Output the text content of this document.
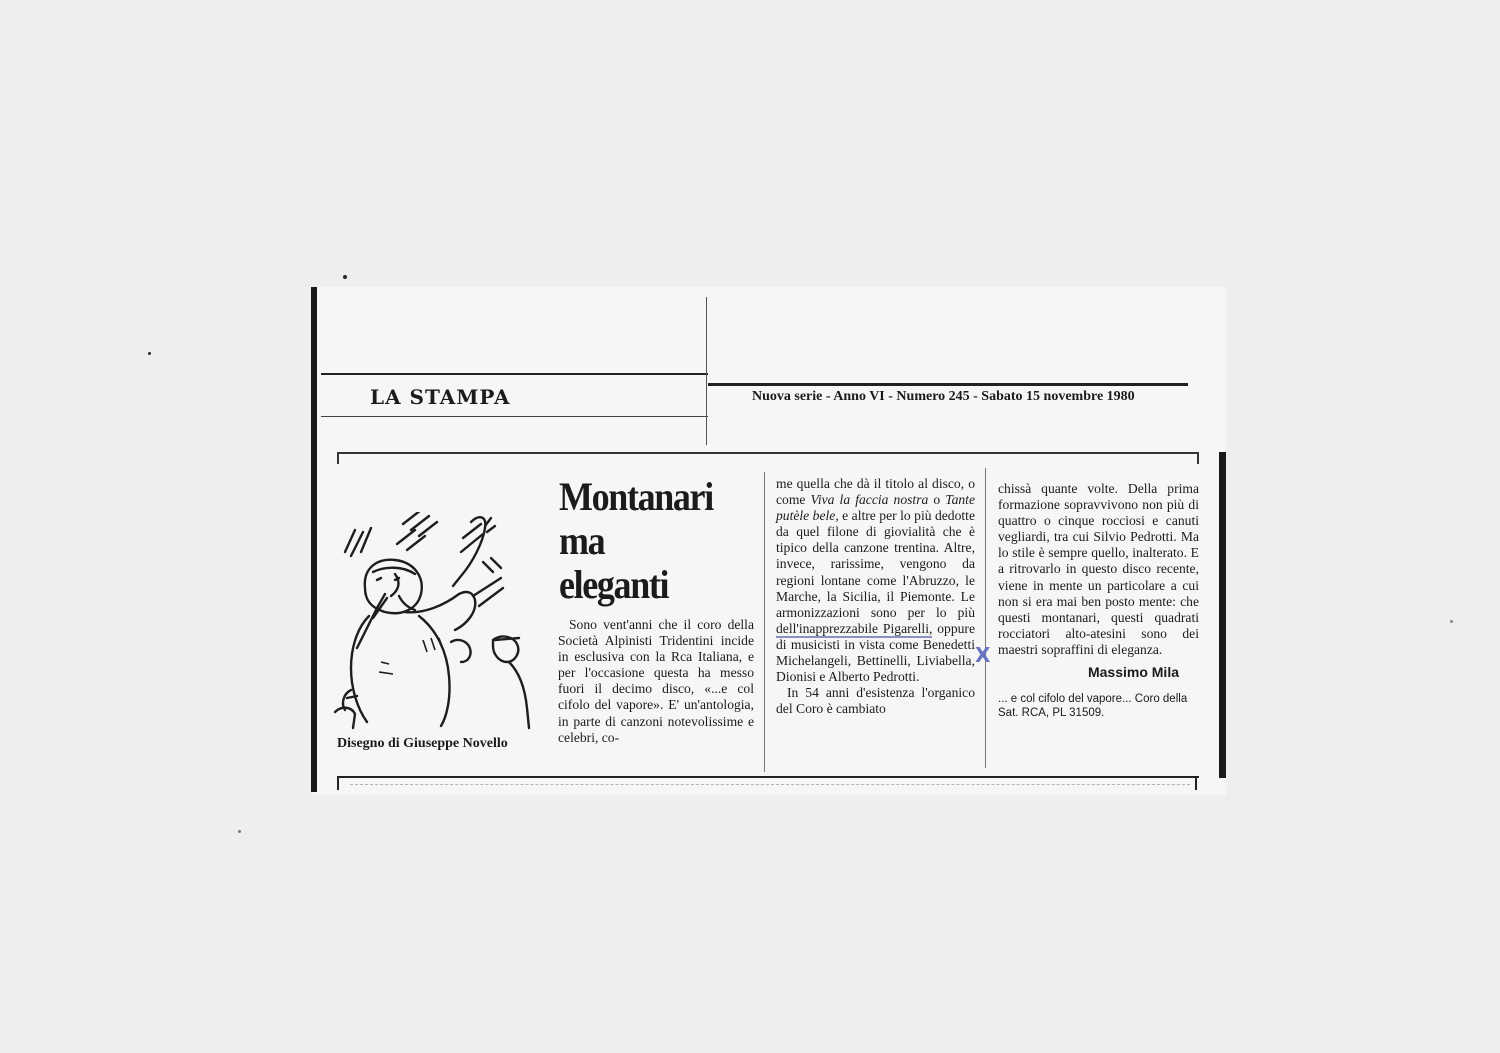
LA STAMPA	Nuova serie - Anno VI - Numero 245 - Sabato 15 novembre 1980
Disegno di Giuseppe Novello
Montanari
ma
eleganti

Sono vent'anni che il coro della Società Alpinisti Tridentini incide in esclusiva con la Rca Italiana, e per l'occasione questa ha messo fuori il decimo disco, «...e col cifolo del vapore». E' un'antologia, in parte di canzoni notevolissime e celebri, co-

me quella che dà il titolo al disco, o come Viva la faccia nostra o Tante putèle bele, e altre per lo più dedotte da quel filone di giovialità che è tipico della canzone trentina. Altre, invece, rarissime, vengono da regioni lontane come l'Abruzzo, le Marche, la Sicilia, il Piemonte. Le armonizzazioni sono per lo più dell'inapprezzabile Pigarelli, oppure di musicisti in vista come Benedetti Michelangeli, Bettinelli, Liviabella, Dionisi e Alberto Pedrotti.

In 54 anni d'esistenza l'organico del Coro è cambiato

X

chissà quante volte. Della prima formazione sopravvivono non più di quattro o cinque rocciosi e canuti vegliardi, tra cui Silvio Pedrotti. Ma lo stile è sempre quello, inalterato. E a ritrovarlo in questo disco recente, viene in mente un particolare a cui non si era mai ben posto mente: che questi montanari, questi quadrati rocciatori alto-atesini sono dei maestri sopraffini di eleganza.

Massimo Mila

... e col cifolo del vapore... Coro della Sat. RCA, PL 31509.
